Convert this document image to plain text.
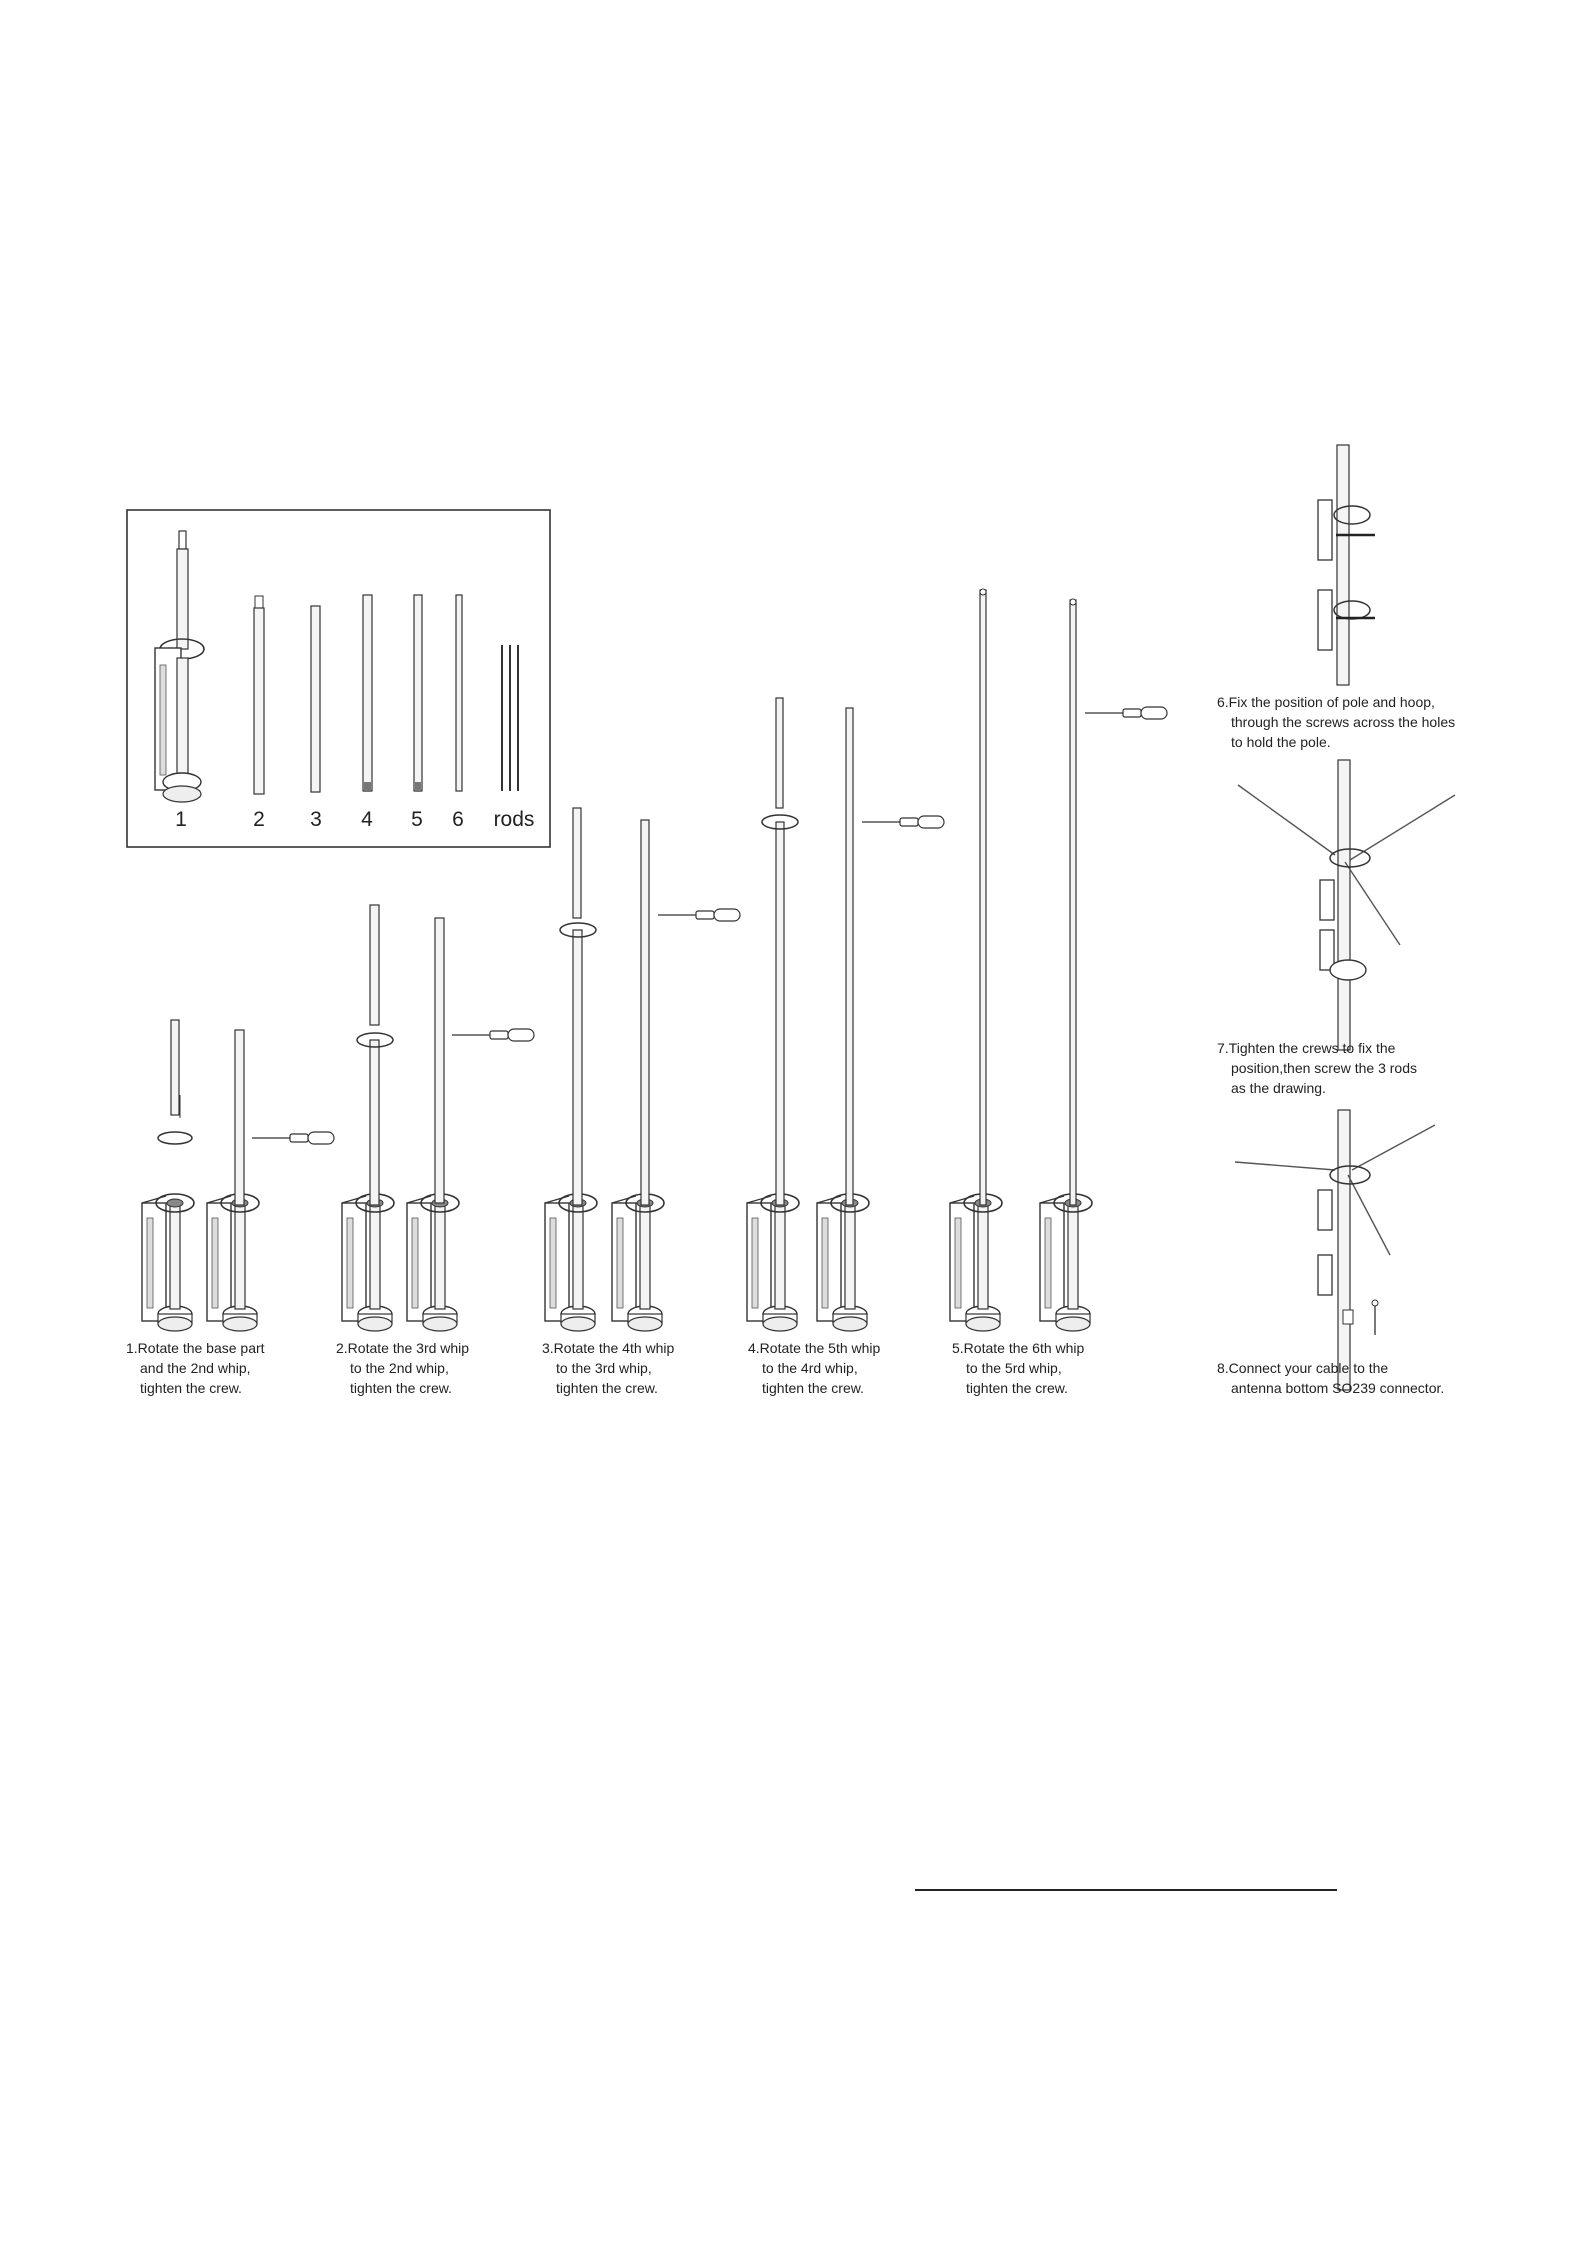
1	2	3	4	5	6	rods
1.Rotate the base part
and the 2nd whip,
tighten the crew.
2.Rotate the 3rd whip
to the 2nd whip,
tighten the crew.
3.Rotate the 4th whip
to the 3rd whip,
tighten the crew.
4.Rotate the 5th whip
to the 4rd whip,
tighten the crew.
5.Rotate the 6th whip
to the 5rd whip,
tighten the crew.
6.Fix the position of pole and hoop,
through the screws across the holes
to hold the pole.
7.Tighten the crews to fix the
position,then screw the 3 rods
as the drawing.
8.Connect your cable to the
antenna bottom SO239 connector.
